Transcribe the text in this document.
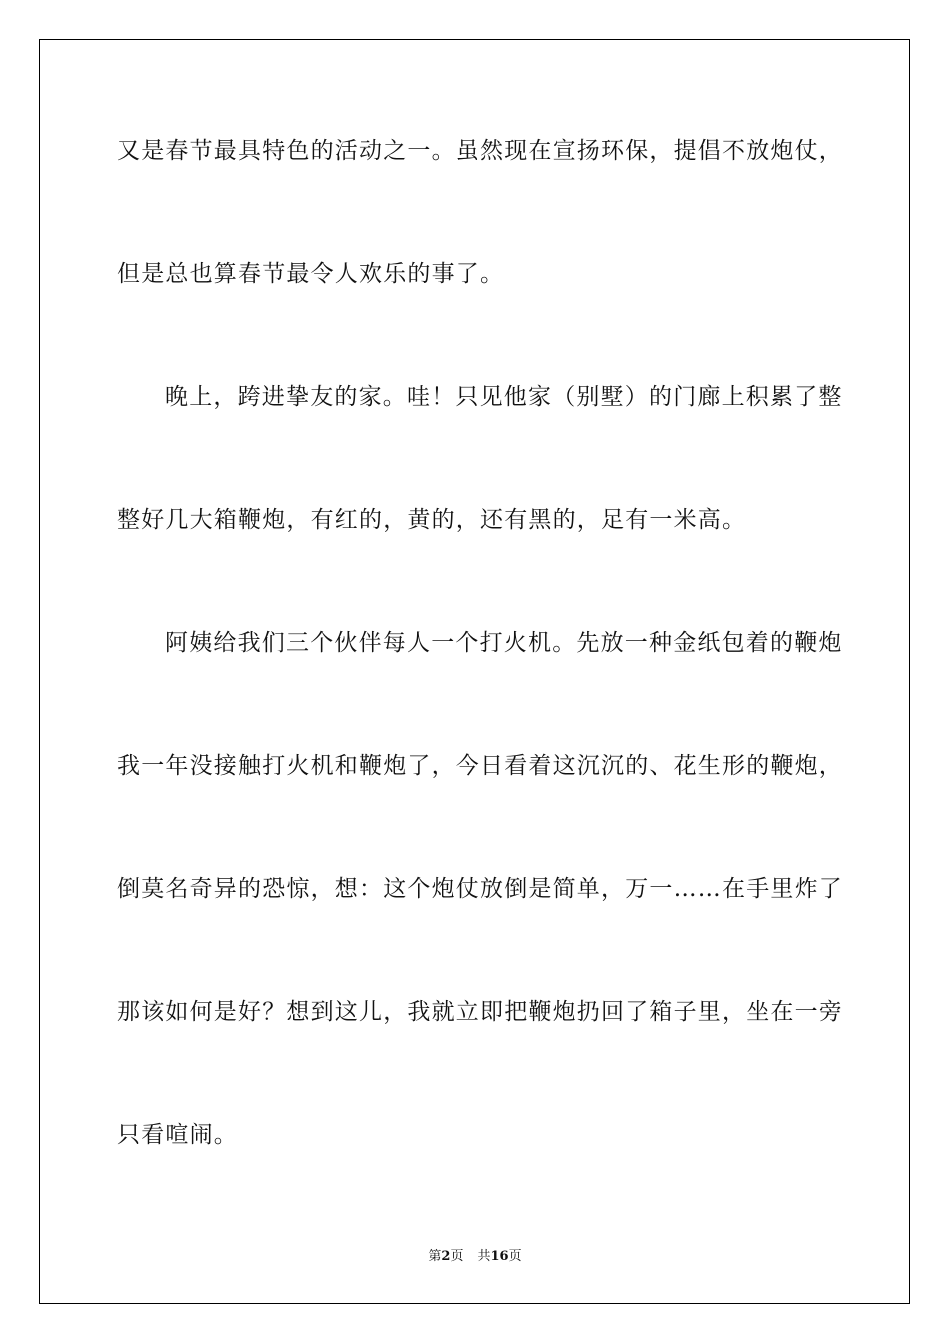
又是春节最具特色的活动之一。虽然现在宣扬环保，提倡不放炮仗，

但是总也算春节最令人欢乐的事了。

晚上，跨进挚友的家。哇！只见他家（别墅）的门廊上积累了整

整好几大箱鞭炮，有红的，黄的，还有黑的，足有一米高。

阿姨给我们三个伙伴每人一个打火机。先放一种金纸包着的鞭炮

我一年没接触打火机和鞭炮了，今日看着这沉沉的、花生形的鞭炮，

倒莫名奇异的恐惊，想：这个炮仗放倒是简单，万一……在手里炸了

那该如何是好？想到这儿，我就立即把鞭炮扔回了箱子里，坐在一旁

只看喧闹。

第2页 共16页
